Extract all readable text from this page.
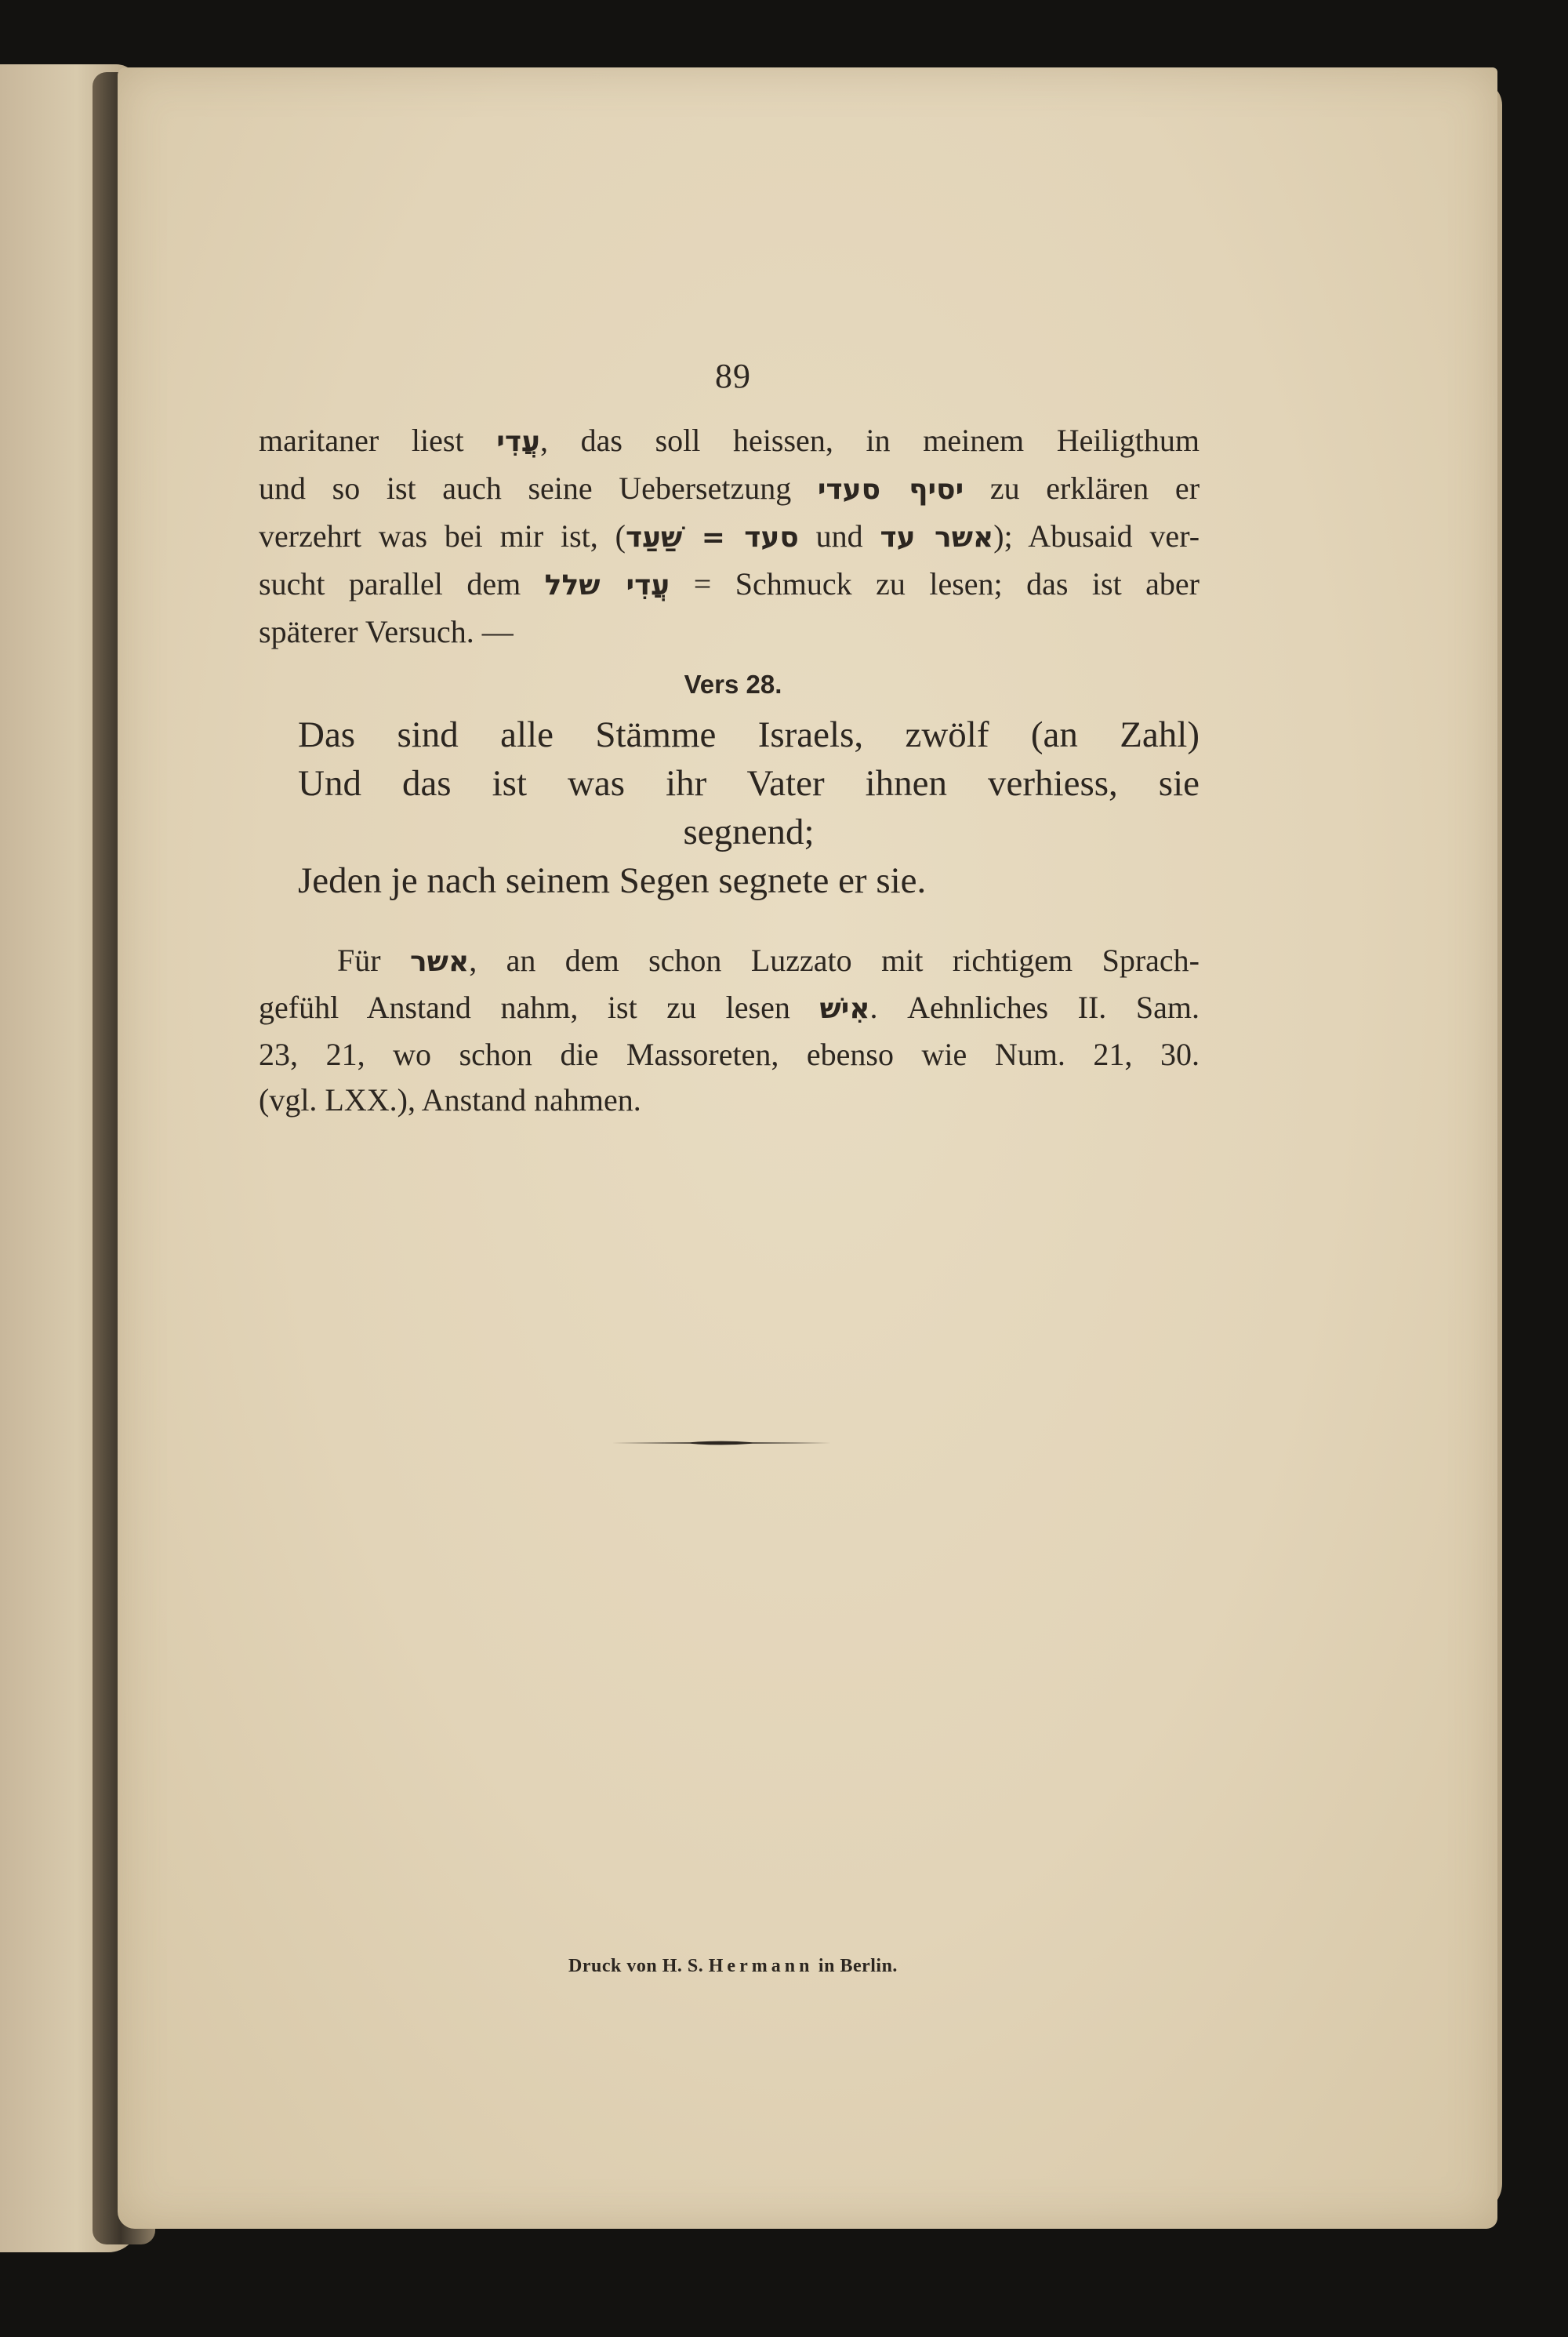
89
maritaner liest עֲדִי, das soll heissen, in meinem Heiligthum
und so ist auch seine Uebersetzung יסיף סעדי zu erklären er
verzehrt was bei mir ist, (סעד = שַׁעַד und אשר עד); Abusaid ver-
sucht parallel dem עֲדִי שלל = Schmuck zu lesen; das ist aber
späterer Versuch. —
Vers 28.
Das sind alle Stämme Israels, zwölf (an Zahl)
Und das ist was ihr Vater ihnen verhiess, sie
segnend;
Jeden je nach seinem Segen segnete er sie.
Für אשר, an dem schon Luzzato mit richtigem Sprach-
gefühl Anstand nahm, ist zu lesen אִישׁ. Aehnliches II. Sam.
23, 21, wo schon die Massoreten, ebenso wie Num. 21, 30.
(vgl. LXX.), Anstand nahmen.
Druck von H. S. Hermann in Berlin.
